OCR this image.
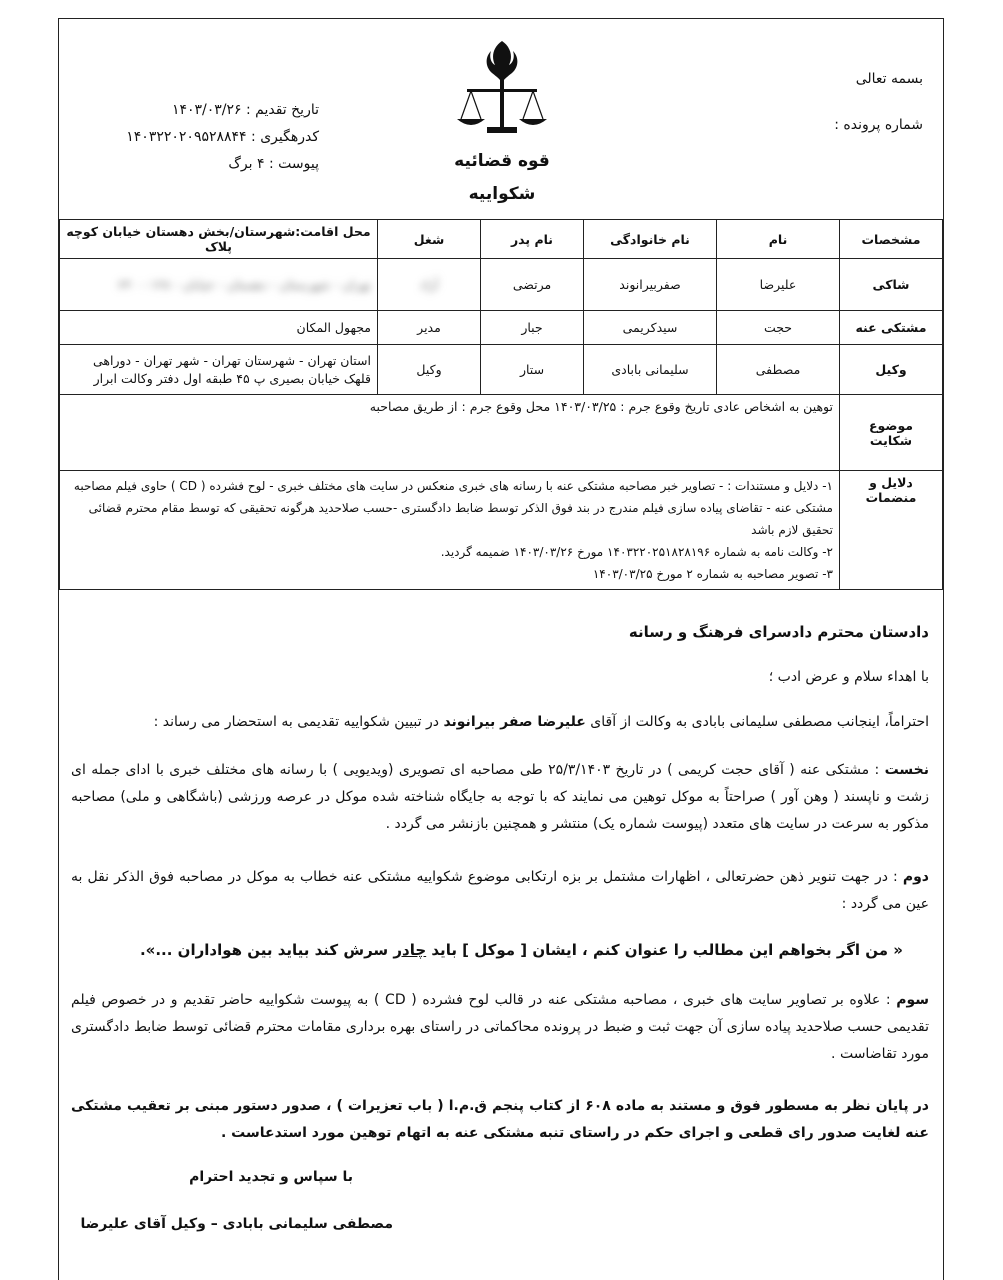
بسمه تعالی
شماره پرونده :
تاریخ تقدیم : ۱۴۰۳/۰۳/۲۶
کدرهگیری : ۱۴۰۳۲۲۰۲۰۹۵۲۸۸۴۴
پیوست : ۴ برگ	قوه قضائیه
شکواییه
مشخصات	نام	نام خانوادگی	نام پدر	شغل	محل اقامت:شهرستان/بخش دهستان خیابان کوچه پلاک
شاکی	علیرضا	صفربیرانوند	مرتضی	آزاد	تهران - شهرستان - دهستان - خیابان - ۱۲۸ - ۶۴۰
مشتکی عنه	حجت	سیدکریمی	جبار	مدیر	مجهول المکان
وکیل	مصطفی	سلیمانی بابادی	ستار	وکیل	استان تهران - شهرستان تهران - شهر تهران - دوراهی قلهک خیابان بصیری پ ۴۵ طبقه اول دفتر وکالت ابرار
موضوع شکایت	توهین به اشخاص عادی تاریخ وقوع جرم : ۱۴۰۳/۰۳/۲۵ محل وقوع جرم : از طریق مصاحبه				
دلایل و منضمات	۱- دلایل و مستندات : - تصاویر خبر مصاحبه مشتکی عنه با رسانه های خبری منعکس در سایت های مختلف خبری - لوح فشرده ( CD ) حاوی فیلم مصاحبه مشتکی عنه - تقاضای پیاده سازی فیلم مندرج در بند فوق الذکر توسط ضابط دادگستری -حسب صلاحدید هرگونه تحقیقی که توسط مقام محترم قضائی تحقیق لازم باشد
۲- وکالت نامه به شماره ۱۴۰۳۲۲۰۲۵۱۸۲۸۱۹۶ مورخ ۱۴۰۳/۰۳/۲۶ ضمیمه گردید.
۳- تصویر مصاحبه به شماره ۲ مورخ ۱۴۰۳/۰۳/۲۵				
دادستان محترم دادسرای فرهنگ و رسانه
با اهداء سلام و عرض ادب ؛
احتراماً، اینجانب مصطفی سلیمانی بابادی به وکالت از آقای علیرضا صفر بیرانوند در تبیین شکواییه تقدیمی به استحضار می رساند :
نخست : مشتکی عنه ( آقای حجت کریمی ) در تاریخ ۲۵/۳/۱۴۰۳ طی مصاحبه ای تصویری (ویدیویی ) با رسانه های مختلف خبری با ادای جمله ای زشت و ناپسند ( وهن آور ) صراحتاً به موکل توهین می نمایند که با توجه به جایگاه شناخته شده موکل در عرصه ورزشی (باشگاهی و ملی) مصاحبه مذکور به سرعت در سایت های متعدد (پیوست شماره یک) منتشر و همچنین بازنشر می گردد .
دوم : در جهت تنویر ذهن حضرتعالی ، اظهارات مشتمل بر بزه ارتکابی موضوع شکواییه مشتکی عنه خطاب به موکل در مصاحبه فوق الذکر نقل به عین می گردد :
« من اگر بخواهم این مطالب را عنوان کنم ، ایشان [ موکل ] باید چادر سرش کند بیاید بین هواداران ...».
سوم : علاوه بر تصاویر سایت های خبری ، مصاحبه مشتکی عنه در قالب لوح فشرده ( CD ) به پیوست شکواییه حاضر تقدیم و در خصوص فیلم تقدیمی حسب صلاحدید پیاده سازی آن جهت ثبت و ضبط در پرونده محاکماتی در راستای بهره برداری مقامات محترم قضائی توسط ضابط دادگستری مورد تقاضاست .
در پایان نظر به مسطور فوق و مستند به ماده ۶۰۸ از کتاب پنجم ق.م.ا ( باب تعزیرات ) ، صدور دستور مبنی بر تعقیب مشتکی عنه لغایت صدور رای قطعی و اجرای حکم در راستای تنبه مشتکی عنه به اتهام توهین مورد استدعاست .
با سپاس و تجدید احترام
مصطفی سلیمانی بابادی – وکیل آقای علیرضا
